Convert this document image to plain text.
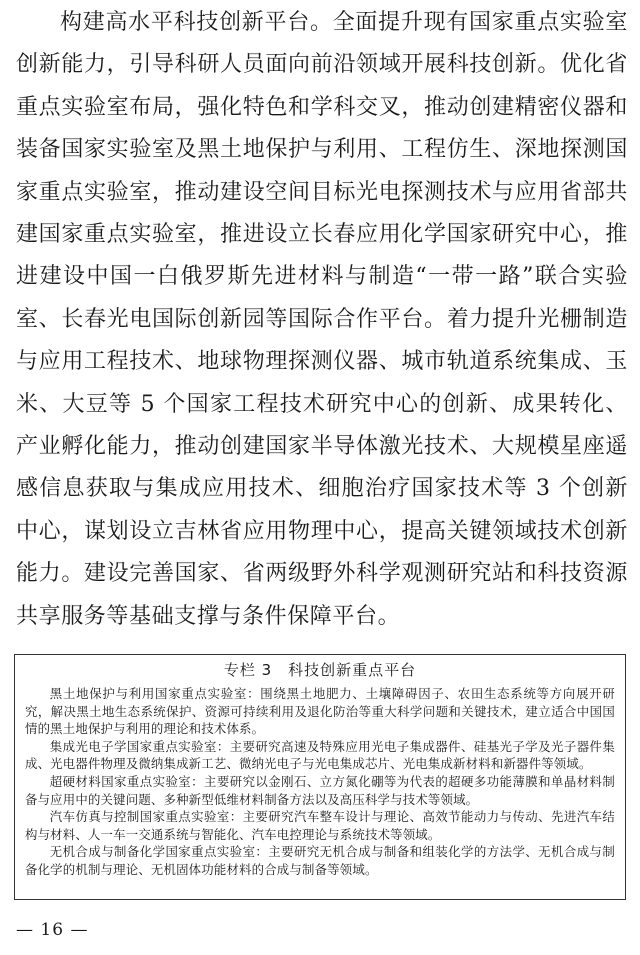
构建高水平科技创新平台。全面提升现有国家重点实验室创新能力，引导科研人员面向前沿领域开展科技创新。优化省重点实验室布局，强化特色和学科交叉，推动创建精密仪器和装备国家实验室及黑土地保护与利用、工程仿生、深地探测国家重点实验室，推动建设空间目标光电探测技术与应用省部共建国家重点实验室，推进设立长春应用化学国家研究中心，推进建设中国一白俄罗斯先进材料与制造“一带一路”联合实验室、长春光电国际创新园等国际合作平台。着力提升光栅制造与应用工程技术、地球物理探测仪器、城市轨道系统集成、玉米、大豆等 5 个国家工程技术研究中心的创新、成果转化、产业孵化能力，推动创建国家半导体激光技术、大规模星座遥感信息获取与集成应用技术、细胞治疗国家技术等 3 个创新中心，谋划设立吉林省应用物理中心，提高关键领域技术创新能力。建设完善国家、省两级野外科学观测研究站和科技资源共享服务等基础支撑与条件保障平台。
专栏 3　科技创新重点平台

黑土地保护与利用国家重点实验室：围绕黑土地肥力、土壤障碍因子、农田生态系统等方向展开研究，解决黑土地生态系统保护、资源可持续利用及退化防治等重大科学问题和关键技术，建立适合中国国情的黑土地保护与利用的理论和技术体系。

集成光电子学国家重点实验室：主要研究高速及特殊应用光电子集成器件、硅基光子学及光子器件集成、光电器件物理及微纳集成新工艺、微纳光电子与光电集成芯片、光电集成新材料和新器件等领域。

超硬材料国家重点实验室：主要研究以金刚石、立方氮化硼等为代表的超硬多功能薄膜和单晶材料制备与应用中的关键问题、多种新型低维材料制备方法以及高压科学与技术等领域。

汽车仿真与控制国家重点实验室：主要研究汽车整车设计与理论、高效节能动力与传动、先进汽车结构与材料、人一车一交通系统与智能化、汽车电控理论与系统技术等领域。

无机合成与制备化学国家重点实验室：主要研究无机合成与制备和组装化学的方法学、无机合成与制备化学的机制与理论、无机固体功能材料的合成与制备等领域。

— 16 —
